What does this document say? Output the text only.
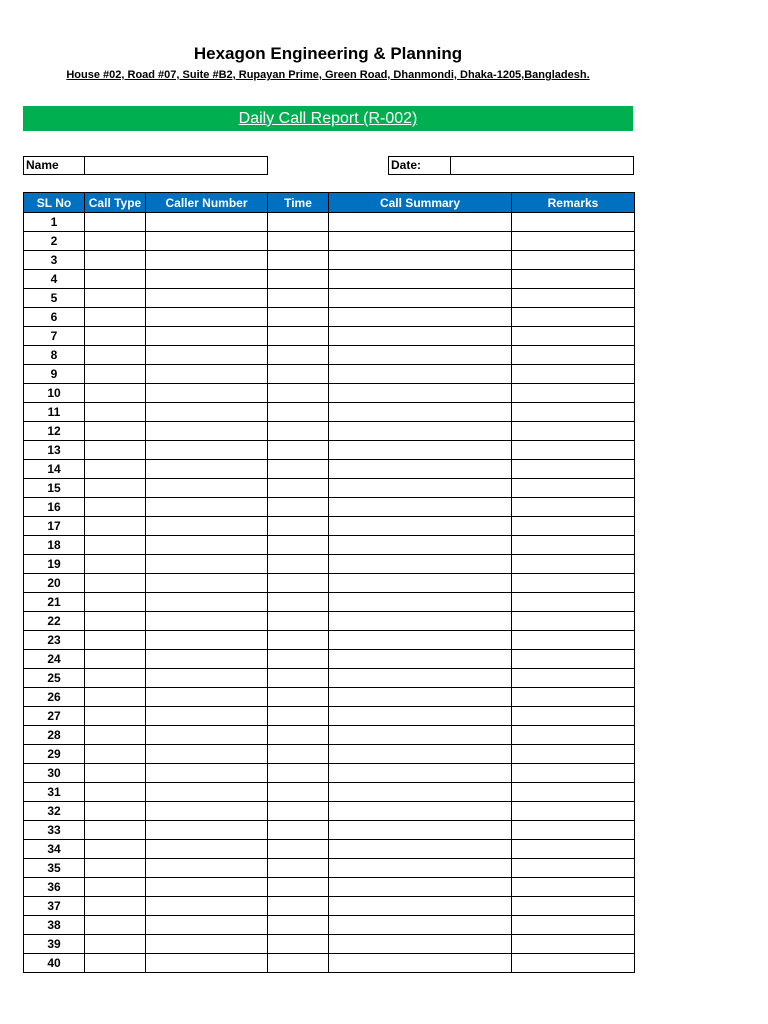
Hexagon Engineering & Planning
House #02, Road #07, Suite #B2, Rupayan Prime, Green Road, Dhanmondi, Dhaka-1205,Bangladesh.
Daily Call Report (R-002)
Name	Date:
SL No	Call Type	Caller Number	Time	Call Summary	Remarks
1					
2					
3					
4					
5					
6					
7					
8					
9					
10					
11					
12					
13					
14					
15					
16					
17					
18					
19					
20					
21					
22					
23					
24					
25					
26					
27					
28					
29					
30					
31					
32					
33					
34					
35					
36					
37					
38					
39					
40					
